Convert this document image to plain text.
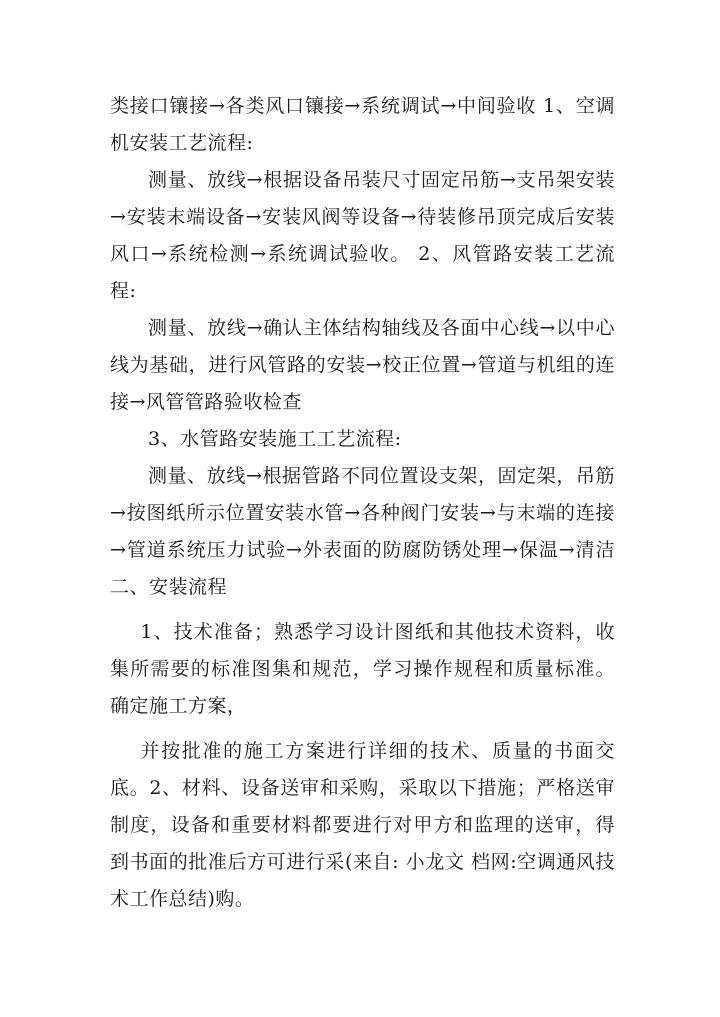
类接口镶接→各类风口镶接→系统调试→中间验收 1、空调机安装工艺流程:

测量、放线→根据设备吊装尺寸固定吊筋→支吊架安装→安装末端设备→安装风阀等设备→待装修吊顶完成后安装风口→系统检测→系统调试验收。 2、风管路安装工艺流程:

测量、放线→确认主体结构轴线及各面中心线→以中心线为基础，进行风管路的安装→校正位置→管道与机组的连接→风管管路验收检查

3、水管路安装施工工艺流程:

测量、放线→根据管路不同位置设支架，固定架，吊筋→按图纸所示位置安装水管→各种阀门安装→与末端的连接→管道系统压力试验→外表面的防腐防锈处理→保温→清洁 二、安装流程

1、技术准备；熟悉学习设计图纸和其他技术资料，收集所需要的标准图集和规范，学习操作规程和质量标准。确定施工方案，

并按批准的施工方案进行详细的技术、质量的书面交底。2、材料、设备送审和采购，采取以下措施；严格送审制度，设备和重要材料都要进行对甲方和监理的送审，得到书面的批准后方可进行采(来自: 小龙文 档网:空调通风技术工作总结)购。
